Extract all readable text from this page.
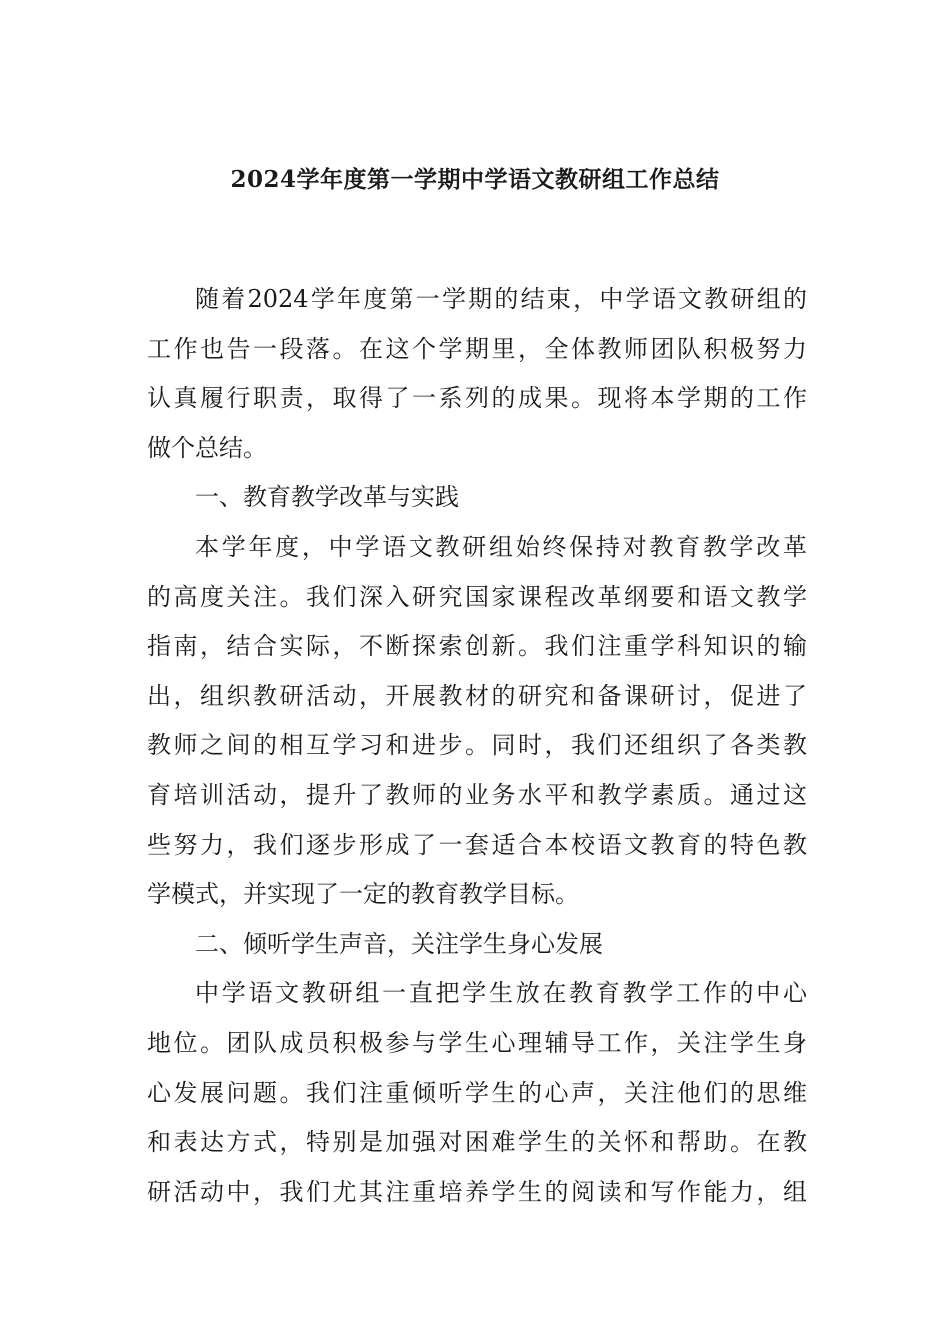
2024学年度第一学期中学语文教研组工作总结
随着2024学年度第一学期的结束，中学语文教研组的
工作也告一段落。在这个学期里，全体教师团队积极努力
认真履行职责，取得了一系列的成果。现将本学期的工作
做个总结。
一、教育教学改革与实践
本学年度，中学语文教研组始终保持对教育教学改革
的高度关注。我们深入研究国家课程改革纲要和语文教学
指南，结合实际，不断探索创新。我们注重学科知识的输
出，组织教研活动，开展教材的研究和备课研讨，促进了
教师之间的相互学习和进步。同时，我们还组织了各类教
育培训活动，提升了教师的业务水平和教学素质。通过这
些努力，我们逐步形成了一套适合本校语文教育的特色教
学模式，并实现了一定的教育教学目标。
二、倾听学生声音，关注学生身心发展
中学语文教研组一直把学生放在教育教学工作的中心
地位。团队成员积极参与学生心理辅导工作，关注学生身
心发展问题。我们注重倾听学生的心声，关注他们的思维
和表达方式，特别是加强对困难学生的关怀和帮助。在教
研活动中，我们尤其注重培养学生的阅读和写作能力，组
